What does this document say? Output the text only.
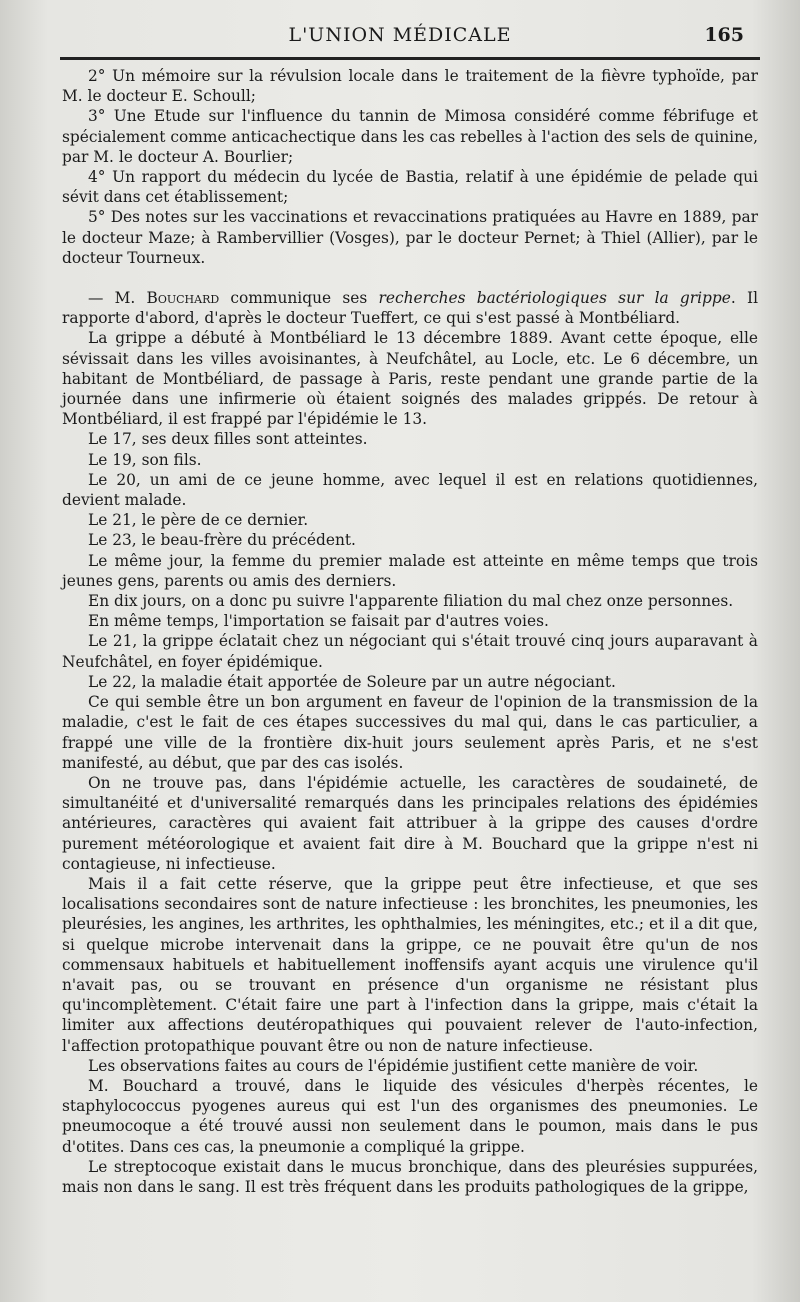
L'UNION MÉDICALE	165

2° Un mémoire sur la révulsion locale dans le traitement de la fièvre typhoïde, par M. le docteur E. Schoull;

3° Une Etude sur l'influence du tannin de Mimosa considéré comme fébrifuge et spécialement comme anticachectique dans les cas rebelles à l'action des sels de quinine, par M. le docteur A. Bourlier;

4° Un rapport du médecin du lycée de Bastia, relatif à une épidémie de pelade qui sévit dans cet établissement;

5° Des notes sur les vaccinations et revaccinations pratiquées au Havre en 1889, par le docteur Maze; à Rambervillier (Vosges), par le docteur Pernet; à Thiel (Allier), par le docteur Tourneux.

— M. Bouchard communique ses recherches bactériologiques sur la grippe. Il rapporte d'abord, d'après le docteur Tueffert, ce qui s'est passé à Montbéliard.

La grippe a débuté à Montbéliard le 13 décembre 1889. Avant cette époque, elle sévissait dans les villes avoisinantes, à Neufchâtel, au Locle, etc. Le 6 décembre, un habitant de Montbéliard, de passage à Paris, reste pendant une grande partie de la journée dans une infirmerie où étaient soignés des malades grippés. De retour à Montbéliard, il est frappé par l'épidémie le 13.

Le 17, ses deux filles sont atteintes.

Le 19, son fils.

Le 20, un ami de ce jeune homme, avec lequel il est en relations quotidiennes, devient malade.

Le 21, le père de ce dernier.

Le 23, le beau-frère du précédent.

Le même jour, la femme du premier malade est atteinte en même temps que trois jeunes gens, parents ou amis des derniers.

En dix jours, on a donc pu suivre l'apparente filiation du mal chez onze personnes.

En même temps, l'importation se faisait par d'autres voies.

Le 21, la grippe éclatait chez un négociant qui s'était trouvé cinq jours auparavant à Neufchâtel, en foyer épidémique.

Le 22, la maladie était apportée de Soleure par un autre négociant.

Ce qui semble être un bon argument en faveur de l'opinion de la transmission de la maladie, c'est le fait de ces étapes successives du mal qui, dans le cas particulier, a frappé une ville de la frontière dix-huit jours seulement après Paris, et ne s'est manifesté, au début, que par des cas isolés.

On ne trouve pas, dans l'épidémie actuelle, les caractères de soudaineté, de simultanéité et d'universalité remarqués dans les principales relations des épidémies antérieures, caractères qui avaient fait attribuer à la grippe des causes d'ordre purement météorologique et avaient fait dire à M. Bouchard que la grippe n'est ni contagieuse, ni infectieuse.

Mais il a fait cette réserve, que la grippe peut être infectieuse, et que ses localisations secondaires sont de nature infectieuse : les bronchites, les pneumonies, les pleurésies, les angines, les arthrites, les ophthalmies, les méningites, etc.; et il a dit que, si quelque microbe intervenait dans la grippe, ce ne pouvait être qu'un de nos commensaux habituels et habituellement inoffensifs ayant acquis une virulence qu'il n'avait pas, ou se trouvant en présence d'un organisme ne résistant plus qu'incomplètement. C'était faire une part à l'infection dans la grippe, mais c'était la limiter aux affections deutéropathiques qui pouvaient relever de l'auto-infection, l'affection protopathique pouvant être ou non de nature infectieuse.

Les observations faites au cours de l'épidémie justifient cette manière de voir.

M. Bouchard a trouvé, dans le liquide des vésicules d'herpès récentes, le staphylococcus pyogenes aureus qui est l'un des organismes des pneumonies. Le pneumocoque a été trouvé aussi non seulement dans le poumon, mais dans le pus d'otites. Dans ces cas, la pneumonie a compliqué la grippe.

Le streptocoque existait dans le mucus bronchique, dans des pleurésies suppurées, mais non dans le sang. Il est très fréquent dans les produits pathologiques de la grippe,
